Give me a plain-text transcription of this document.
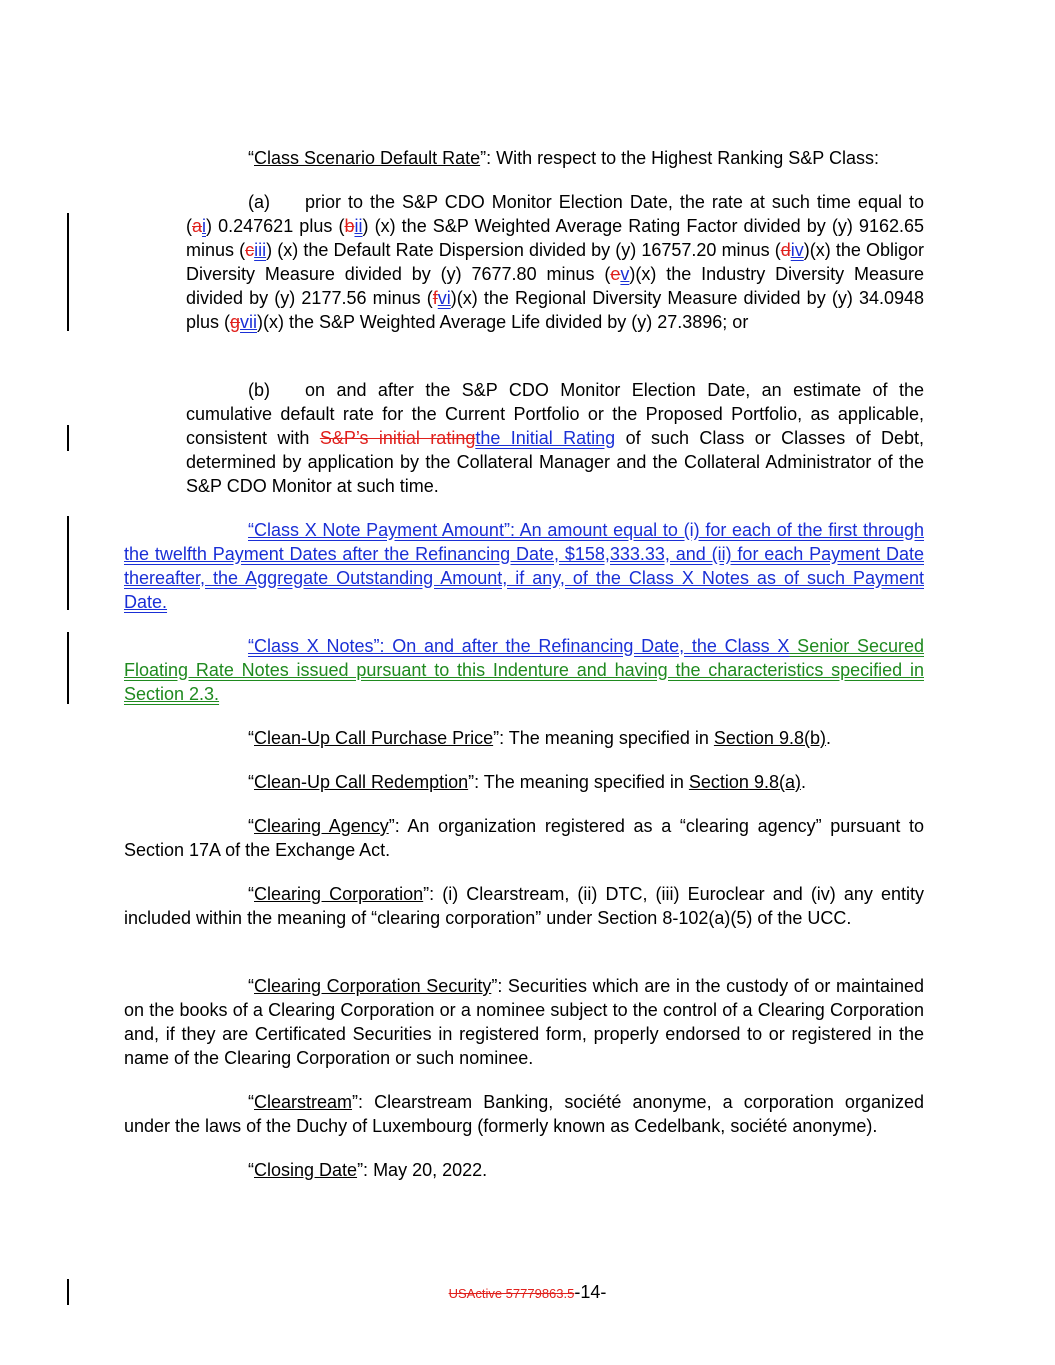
“Class Scenario Default Rate”: With respect to the Highest Ranking S&P Class:

(a) prior to the S&P CDO Monitor Election Date, the rate at such time equal to (ai) 0.247621 plus (bii) (x) the S&P Weighted Average Rating Factor divided by (y) 9162.65 minus (ciii) (x) the Default Rate Dispersion divided by (y) 16757.20 minus (div)(x) the Obligor Diversity Measure divided by (y) 7677.80 minus (ev)(x) the Industry Diversity Measure divided by (y) 2177.56 minus (fvi)(x) the Regional Diversity Measure divided by (y) 34.0948 plus (gvii)(x) the S&P Weighted Average Life divided by (y) 27.3896; or

(b) on and after the S&P CDO Monitor Election Date, an estimate of the cumulative default rate for the Current Portfolio or the Proposed Portfolio, as applicable, consistent with S&P’s initial ratingthe Initial Rating of such Class or Classes of Debt, determined by application by the Collateral Manager and the Collateral Administrator of the S&P CDO Monitor at such time.

“Class X Note Payment Amount”: An amount equal to (i) for each of the first through the twelfth Payment Dates after the Refinancing Date, $158,333.33, and (ii) for each Payment Date thereafter, the Aggregate Outstanding Amount, if any, of the Class X Notes as of such Payment Date.

“Class X Notes”: On and after the Refinancing Date, the Class X Senior Secured Floating Rate Notes issued pursuant to this Indenture and having the characteristics specified in Section 2.3.

“Clean-Up Call Purchase Price”: The meaning specified in Section 9.8(b).

“Clean-Up Call Redemption”: The meaning specified in Section 9.8(a).

“Clearing Agency”: An organization registered as a “clearing agency” pursuant to Section 17A of the Exchange Act.

“Clearing Corporation”: (i) Clearstream, (ii) DTC, (iii) Euroclear and (iv) any entity included within the meaning of “clearing corporation” under Section 8-102(a)(5) of the UCC.

“Clearing Corporation Security”: Securities which are in the custody of or maintained on the books of a Clearing Corporation or a nominee subject to the control of a Clearing Corporation and, if they are Certificated Securities in registered form, properly endorsed to or registered in the name of the Clearing Corporation or such nominee.

“Clearstream”: Clearstream Banking, société anonyme, a corporation organized under the laws of the Duchy of Luxembourg (formerly known as Cedelbank, société anonyme).

“Closing Date”: May 20, 2022.

USActive 57779863.5-14-
